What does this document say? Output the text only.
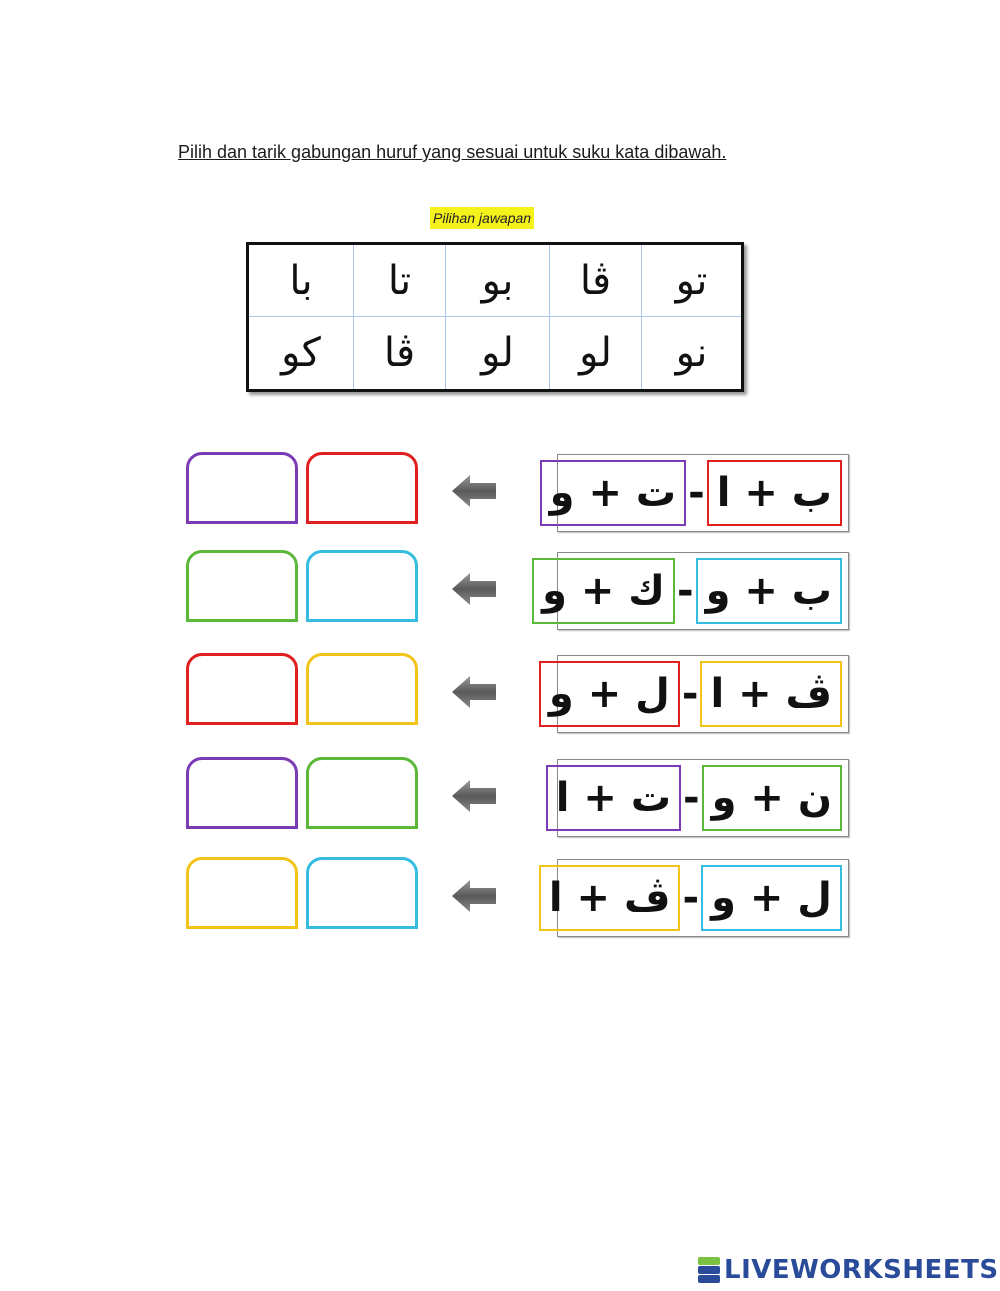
Pilih dan tarik gabungan huruf yang sesuai untuk suku kata dibawah.
Pilihan jawapan
با	تا	بو	ڤا	تو
كو	ڤا	لو	لو	نو
ب + ا
-
ت + و
ب + و
-
ك + و
ڤ + ا
-
ل + و
ن + و
-
ت + ا
ل + و
-
ڤ + ا
LIVEWORKSHEETS
